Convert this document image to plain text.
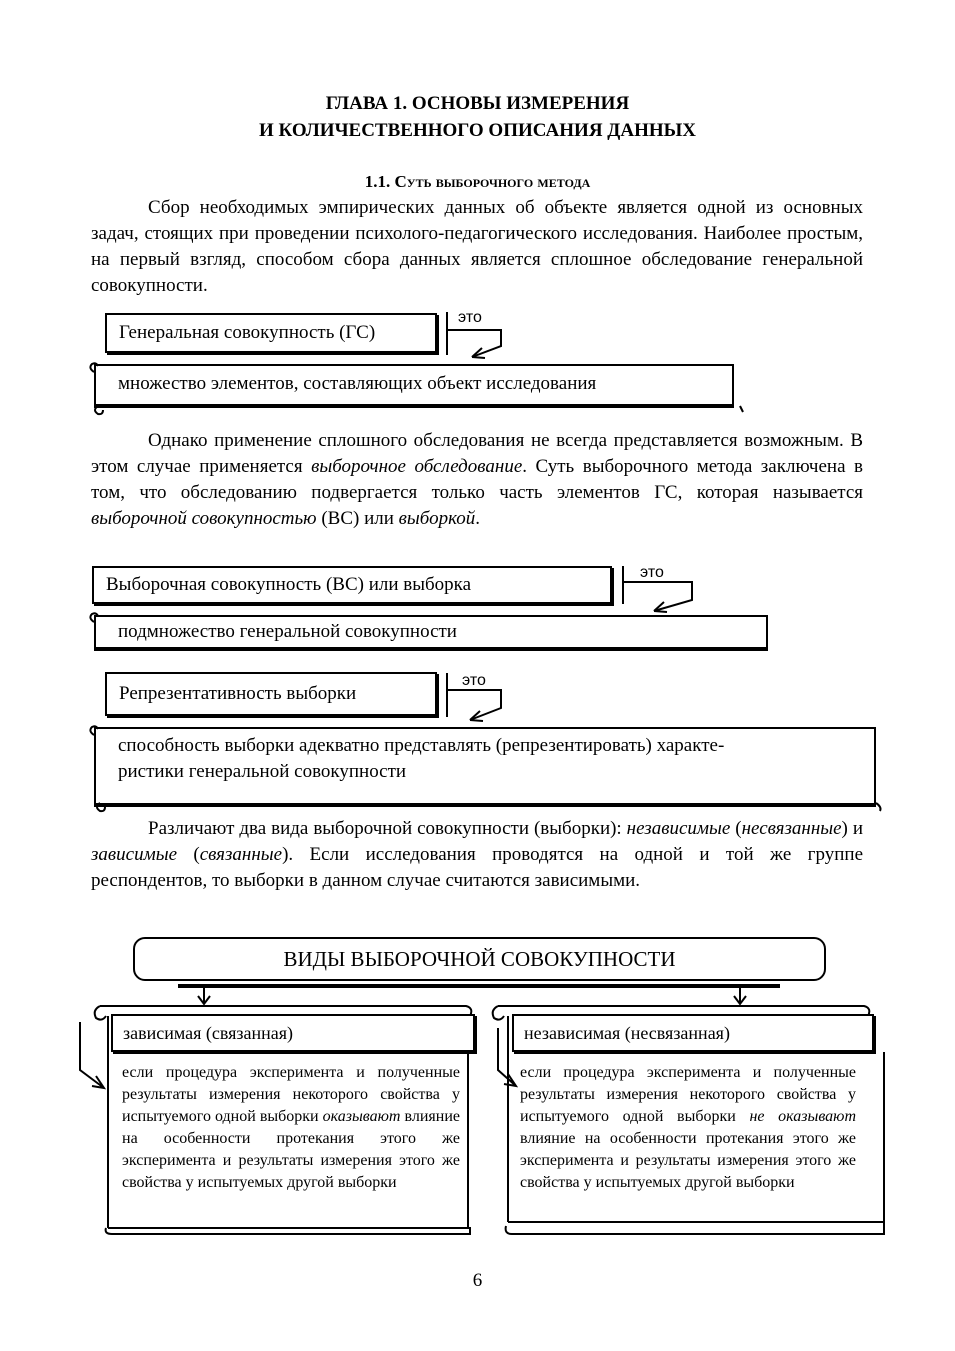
ГЛАВА 1. ОСНОВЫ ИЗМЕРЕНИЯ
И КОЛИЧЕСТВЕННОГО ОПИСАНИЯ ДАННЫХ
1.1. Суть выборочного метода

Сбор необходимых эмпирических данных об объекте является одной из основных задач, стоящих при проведении психолого-педагогического исследования. Наиболее простым, на первый взгляд, способом сбора данных является сплошное обследование генеральной совокупности.

Генеральная совокупность (ГС)
это
множество элементов, составляющих объект исследования

Однако применение сплошного обследования не всегда представляется возможным. В этом случае применяется выборочное обследование. Суть выборочного метода заключена в том, что обследованию подвергается только часть элементов ГС, которая называется выборочной совокупностью (ВС) или выборкой.

Выборочная совокупность (ВС) или выборка
это
подмножество генеральной совокупности
Репрезентативность выборки
это
способность выборки адекватно представлять (репрезентировать) характе-
ристики генеральной совокупности

Различают два вида выборочной совокупности (выборки): независимые (несвязанные) и зависимые (связанные). Если исследования проводятся на одной и той же группе респондентов, то выборки в данном случае считаются зависимыми.

ВИДЫ ВЫБОРОЧНОЙ СОВОКУПНОСТИ
зависимая (связанная)
если процедура эксперимента и полученные результаты измерения некоторого свойства у испытуемого одной выборки оказывают влияние на особенности протекания этого же эксперимента и результаты измерения этого же свойства у испытуемых другой выборки
независимая (несвязанная)
если процедура эксперимента и полученные результаты измерения некоторого свойства у испытуемого одной выборки не оказывают влияние на особенности протекания этого же эксперимента и результаты измерения этого же свойства у испытуемых другой выборки
6
